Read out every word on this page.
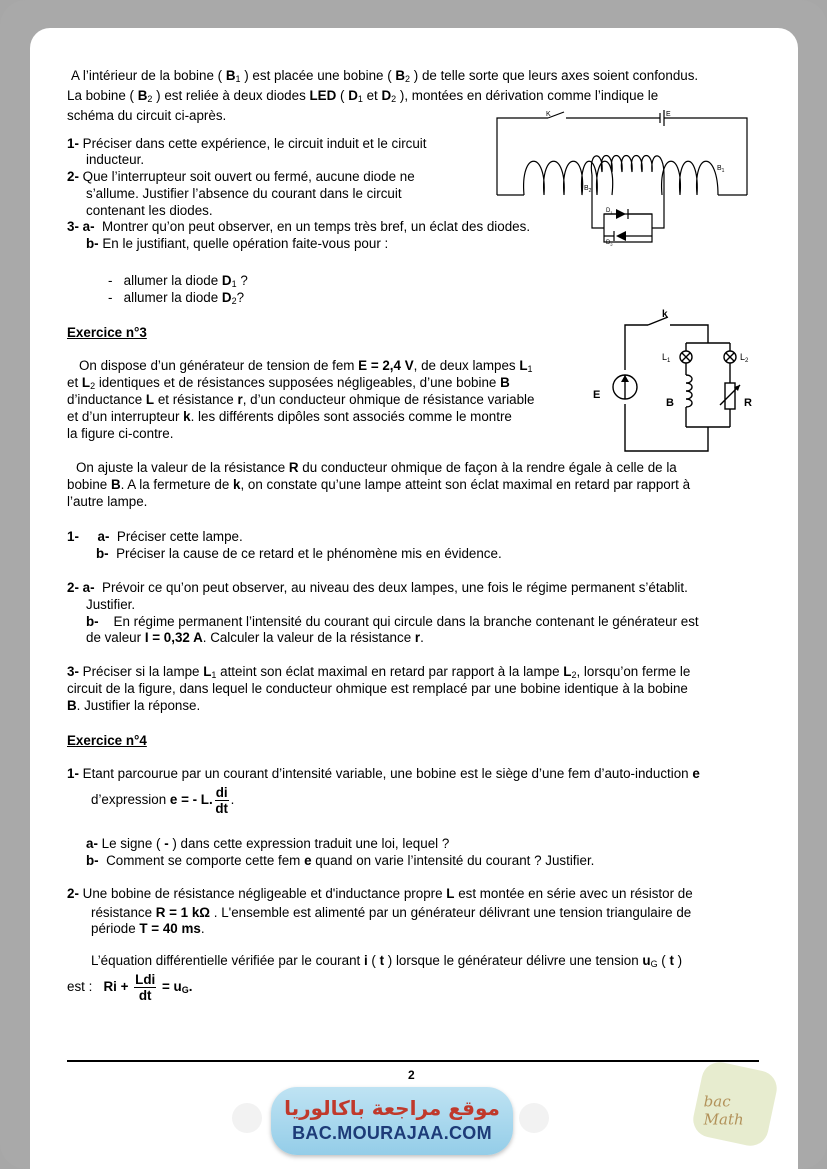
A l’intérieur de la bobine ( $B_1$ ) est placée une bobine ( $B_2$ ) de telle sorte que leurs axes soient confondus.
La bobine ( $B_2$ ) est reliée à deux diodes LED ( $D_1$ et $D_2$ ), montées en dérivation comme l’indique le
schéma du circuit ci-après.
1- Préciser dans cette expérience, le circuit induit et le circuit
inducteur.
2- Que l’interrupteur soit ouvert ou fermé, aucune diode ne
s’allume. Justifier l’absence du courant dans le circuit
contenant les diodes.
3- a- Montrer qu’on peut observer, en un temps très bref, un éclat des diodes.
b- En le justifiant, quelle opération faite-vous pour :
- allumer la diode $D_1$ ?
- allumer la diode $D_2$?
K	E
$B_1$
$B_2$
$D_1$
$D_2$
Exercice n°3
On dispose d’un générateur de tension de fem E = 2,4 V, de deux lampes $L_1$
et $L_2$ identiques et de résistances supposées négligeables, d’une bobine B
d’inductance L et résistance r, d’un conducteur ohmique de résistance variable
et d’un interrupteur k. les différents dipôles sont associés comme le montre
la figure ci-contre.
k
$L_1$	$L_2$
E
B	R
On ajuste la valeur de la résistance R du conducteur ohmique de façon à la rendre égale à celle de la
bobine B. A la fermeture de k, on constate qu’une lampe atteint son éclat maximal en retard par rapport à
l’autre lampe.
1- a- Préciser cette lampe.
b- Préciser la cause de ce retard et le phénomène mis en évidence.
2- a- Prévoir ce qu’on peut observer, au niveau des deux lampes, une fois le régime permanent s’établit.
Justifier.
b- En régime permanent l’intensité du courant qui circule dans la branche contenant le générateur est
de valeur I = 0,32 A. Calculer la valeur de la résistance r.
3- Préciser si la lampe $L_1$ atteint son éclat maximal en retard par rapport à la lampe $L_2$, lorsqu’on ferme le
circuit de la figure, dans lequel le conducteur ohmique est remplacé par une bobine identique à la bobine
B. Justifier la réponse.
Exercice n°4
1- Etant parcourue par un courant d’intensité variable, une bobine est le siège d’une fem d’auto-induction e
d’expression e = - L. $\frac{di}{dt}$ .
a- Le signe ( - ) dans cette expression traduit une loi, lequel ?
b- Comment se comporte cette fem e quand on varie l’intensité du courant ? Justifier.
2- Une bobine de résistance négligeable et d'inductance propre L est montée en série avec un résistor de
résistance R = 1 kΩ . L'ensemble est alimenté par un générateur délivrant une tension triangulaire de
période T = 40 ms.
L’équation différentielle vérifiée par le courant i ( t ) lorsque le générateur délivre une tension $u_G$ ( t )
est : $Ri + \frac{\text{Ldi}}{dt} = u_G$.
2
موقع مراجعة باكالوريا
BAC.MOURAJAA.COM
bac Math
